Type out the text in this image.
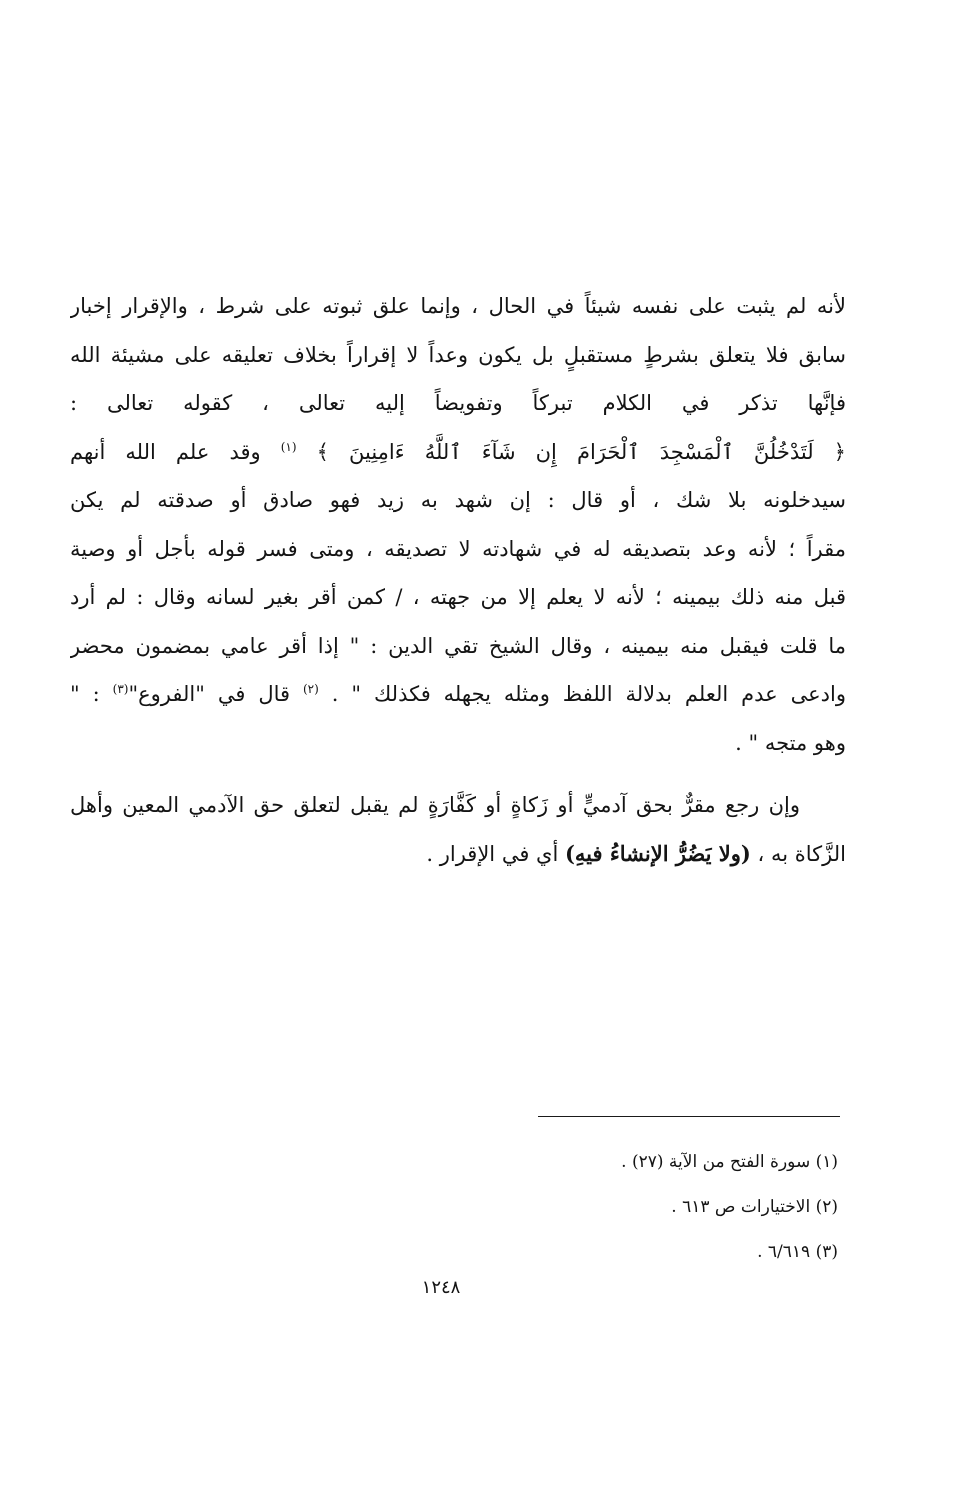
لأنه لم يثبت على نفسه شيئاً في الحال ، وإنما علق ثبوته على شرط ، والإقرار إخبار
سابق فلا يتعلق بشرطٍ مستقبلٍ بل يكون وعداً لا إقراراً بخلاف تعليقه على مشيئة الله
فإنَّها تذكر في الكلام تبركاً وتفويضاً إليه تعالى ، كقوله تعالى :
﴿ لَتَدْخُلُنَّ ٱلْمَسْجِدَ ٱلْحَرَامَ إِن شَآءَ ٱللَّهُ ءَامِنِينَ ﴾ $^{(١)}$ وقد علم الله أنهم
سيدخلونه بلا شك ، أو قال : إن شهد به زيد فهو صادق أو صدقته لم يكن
مقراً ؛ لأنه وعد بتصديقه له في شهادته لا تصديقه ، ومتى فسر قوله بأجل أو وصية
قبل منه ذلك بيمينه ؛ لأنه لا يعلم إلا من جهته ، / كمن أقر بغير لسانه وقال : لم أرد
ما قلت فيقبل منه بيمينه ، وقال الشيخ تقي الدين : " إذا أقر عامي بمضمون محضر
وادعى عدم العلم بدلالة اللفظ ومثله يجهله فكذلك " . $^{(٢)}$ قال في "الفروع"$^{(٣)}$ : "
وهو متجه " .
وإن رجع مقرٌّ بحق آدميٍّ أو زَكاةٍ أو كَفَّارَةٍ لم يقبل لتعلق حق الآدمي المعين وأهل
الزَّكاة به ، (ولا يَضُرُّ الإنشاءُ فيهِ) أي في الإقرار .
(١) سورة الفتح من الآية (٢٧) .
(٢) الاختيارات ص ٦١٣ .
(٣) ٦/٦١٩ .
١٢٤٨
